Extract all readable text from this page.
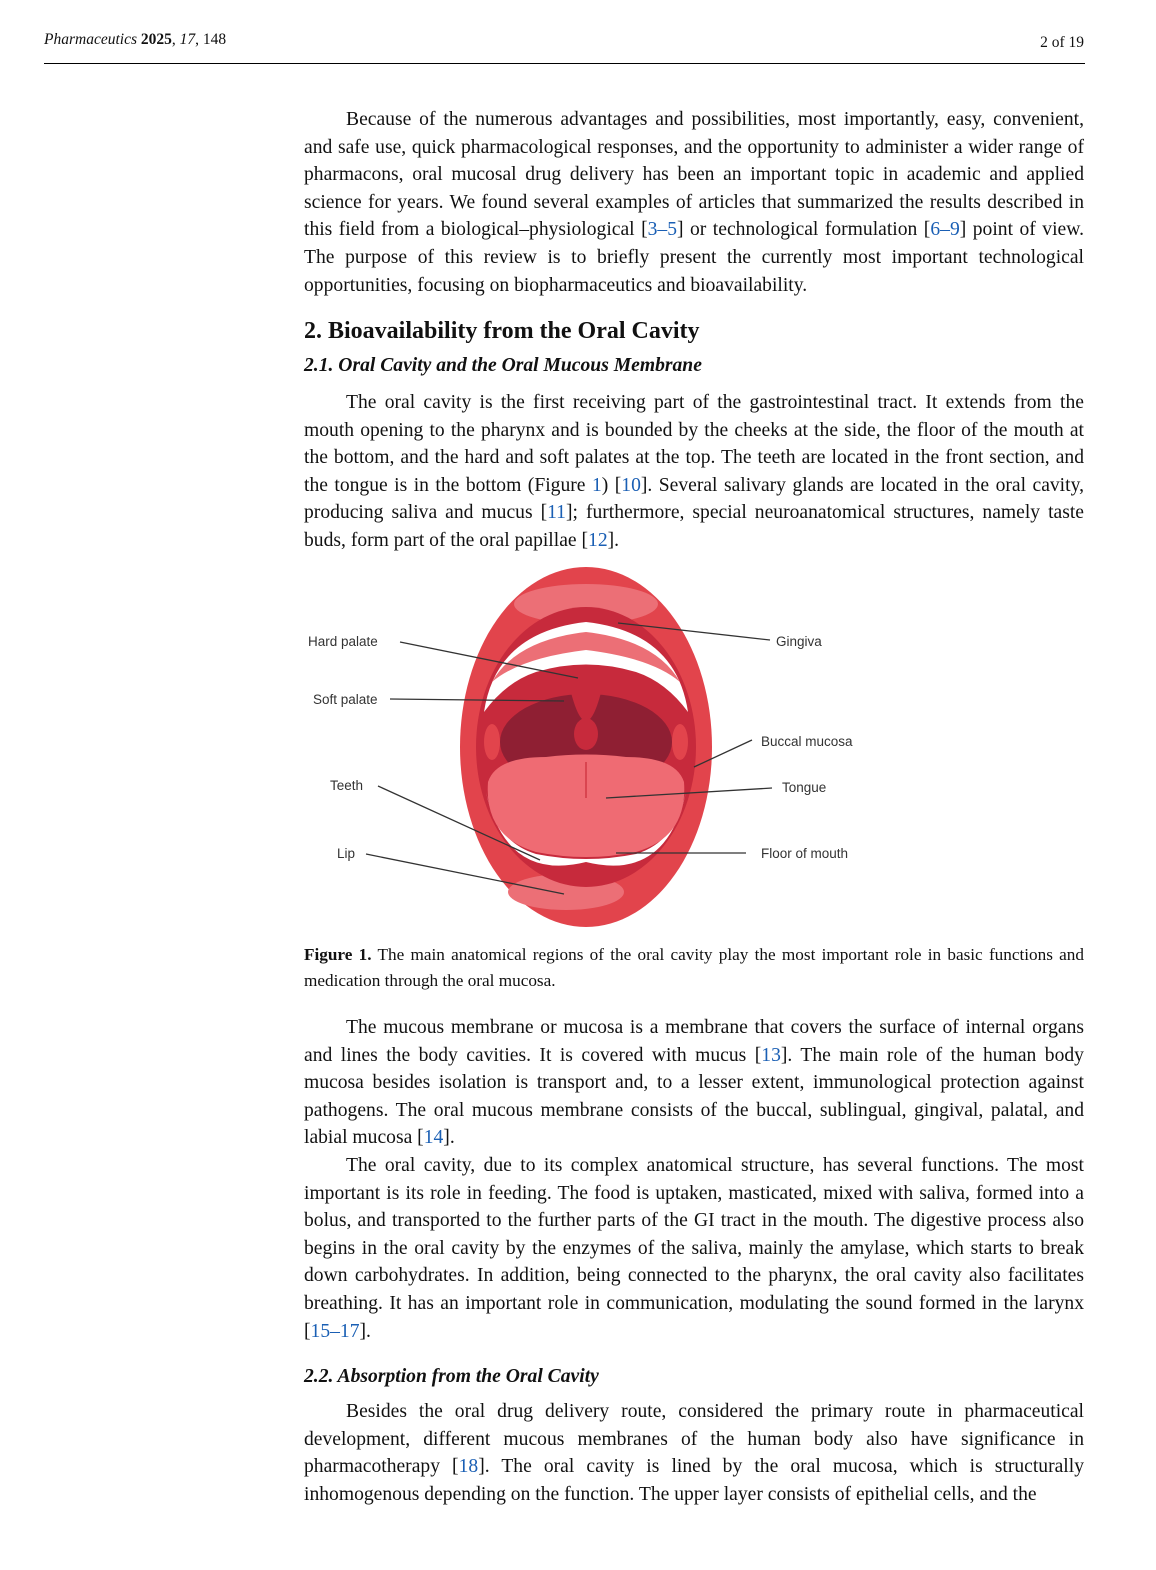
Pharmaceutics 2025, 17, 148	2 of 19

Because of the numerous advantages and possibilities, most importantly, easy, convenient, and safe use, quick pharmacological responses, and the opportunity to administer a wider range of pharmacons, oral mucosal drug delivery has been an important topic in academic and applied science for years. We found several examples of articles that summarized the results described in this field from a biological–physiological [3–5] or technological formulation [6–9] point of view. The purpose of this review is to briefly present the currently most important technological opportunities, focusing on biopharmaceutics and bioavailability.

2. Bioavailability from the Oral Cavity
2.1. Oral Cavity and the Oral Mucous Membrane

The oral cavity is the first receiving part of the gastrointestinal tract. It extends from the mouth opening to the pharynx and is bounded by the cheeks at the side, the floor of the mouth at the bottom, and the hard and soft palates at the top. The teeth are located in the front section, and the tongue is in the bottom (Figure 1) [10]. Several salivary glands are located in the oral cavity, producing saliva and mucus [11]; furthermore, special neuroanatomical structures, namely taste buds, form part of the oral papillae [12].

Hard palate
Soft palate
Teeth
Lip
Gingiva
Buccal mucosa
Tongue
Floor of mouth

Figure 1. The main anatomical regions of the oral cavity play the most important role in basic functions and medication through the oral mucosa.

The mucous membrane or mucosa is a membrane that covers the surface of internal organs and lines the body cavities. It is covered with mucus [13]. The main role of the human body mucosa besides isolation is transport and, to a lesser extent, immunological protection against pathogens. The oral mucous membrane consists of the buccal, sublingual, gingival, palatal, and labial mucosa [14].

The oral cavity, due to its complex anatomical structure, has several functions. The most important is its role in feeding. The food is uptaken, masticated, mixed with saliva, formed into a bolus, and transported to the further parts of the GI tract in the mouth. The digestive process also begins in the oral cavity by the enzymes of the saliva, mainly the amylase, which starts to break down carbohydrates. In addition, being connected to the pharynx, the oral cavity also facilitates breathing. It has an important role in communication, modulating the sound formed in the larynx [15–17].

2.2. Absorption from the Oral Cavity

Besides the oral drug delivery route, considered the primary route in pharmaceutical development, different mucous membranes of the human body also have significance in pharmacotherapy [18]. The oral cavity is lined by the oral mucosa, which is structurally inhomogenous depending on the function. The upper layer consists of epithelial cells, and the
